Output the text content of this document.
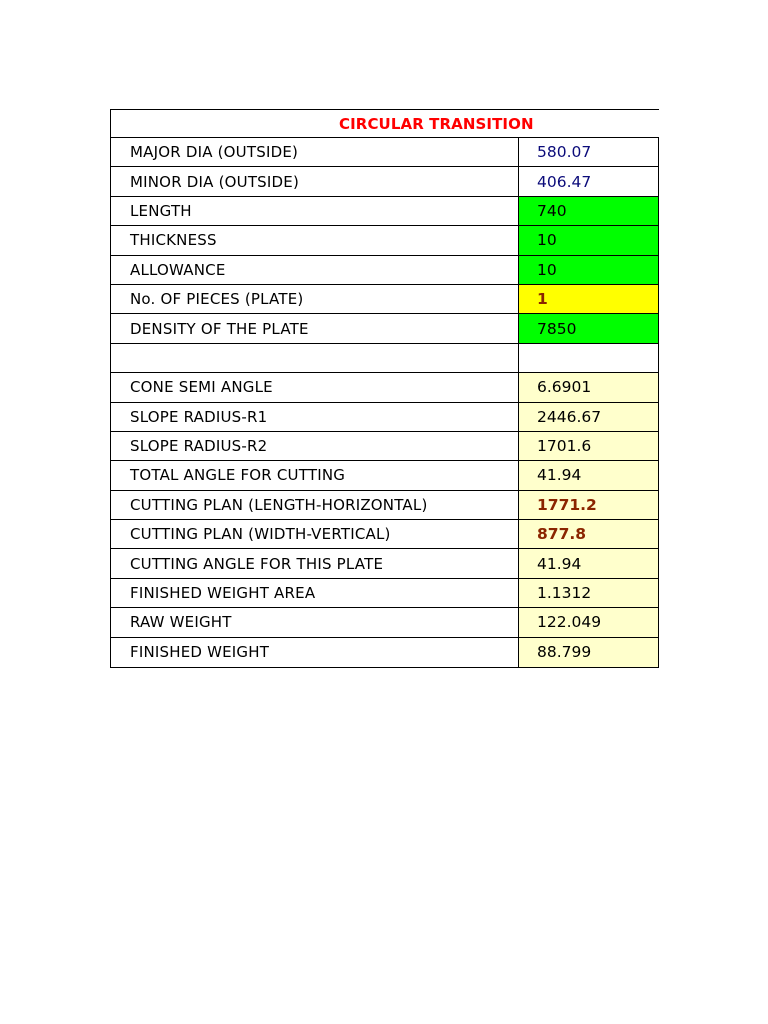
CIRCULAR TRANSITION
MAJOR DIA (OUTSIDE)	580.07
MINOR DIA (OUTSIDE)	406.47
LENGTH	740
THICKNESS	10
ALLOWANCE	10
No. OF PIECES (PLATE)	1
DENSITY OF THE PLATE	7850
CONE SEMI ANGLE	6.6901
SLOPE RADIUS-R1	2446.67
SLOPE RADIUS-R2	1701.6
TOTAL ANGLE FOR CUTTING	41.94
CUTTING PLAN (LENGTH-HORIZONTAL)	1771.2
CUTTING PLAN (WIDTH-VERTICAL)	877.8
CUTTING ANGLE FOR THIS PLATE	41.94
FINISHED WEIGHT AREA	1.1312
RAW WEIGHT	122.049
FINISHED WEIGHT	88.799
